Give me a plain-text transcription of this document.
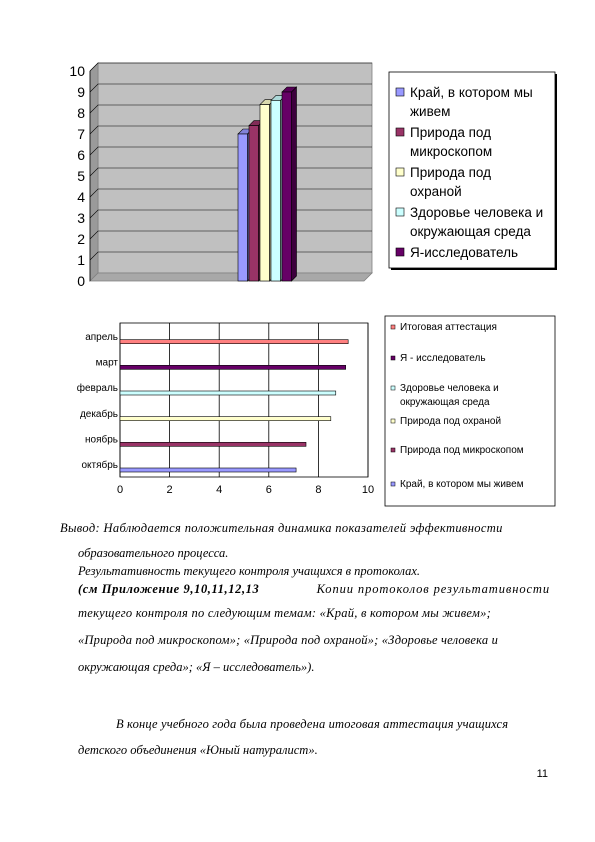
0
1
2
3
4
5
6
7
8
9
10
Край, в котором мы
живем
Природа под
микроскопом
Природа под
охраной
Здоровье человека и
окружающая среда
Я-исследователь
0	2	4	6	8	10
октябрь
ноябрь
декабрь
февраль
март
апрель
Итоговая аттестация
Я - исследователь
Здоровье человека и
окружающая среда
Природа под охраной
Природа под микроскопом
Край, в котором мы живем
Вывод: Наблюдается положительная динамика показателей эффективности
образовательного процесса.
Результативность текущего контроля учащихся в протоколах.
(см Приложение 9,10,11,12,13	Копии протоколов результативности
текущего контроля по следующим темам: «Край, в котором мы живем»;
«Природа под микроскопом»; «Природа под охраной»; «Здоровье человека и
окружающая среда»; «Я – исследователь»).
В конце учебного года была проведена итоговая аттестация учащихся
детского объединения «Юный натуралист».
11
